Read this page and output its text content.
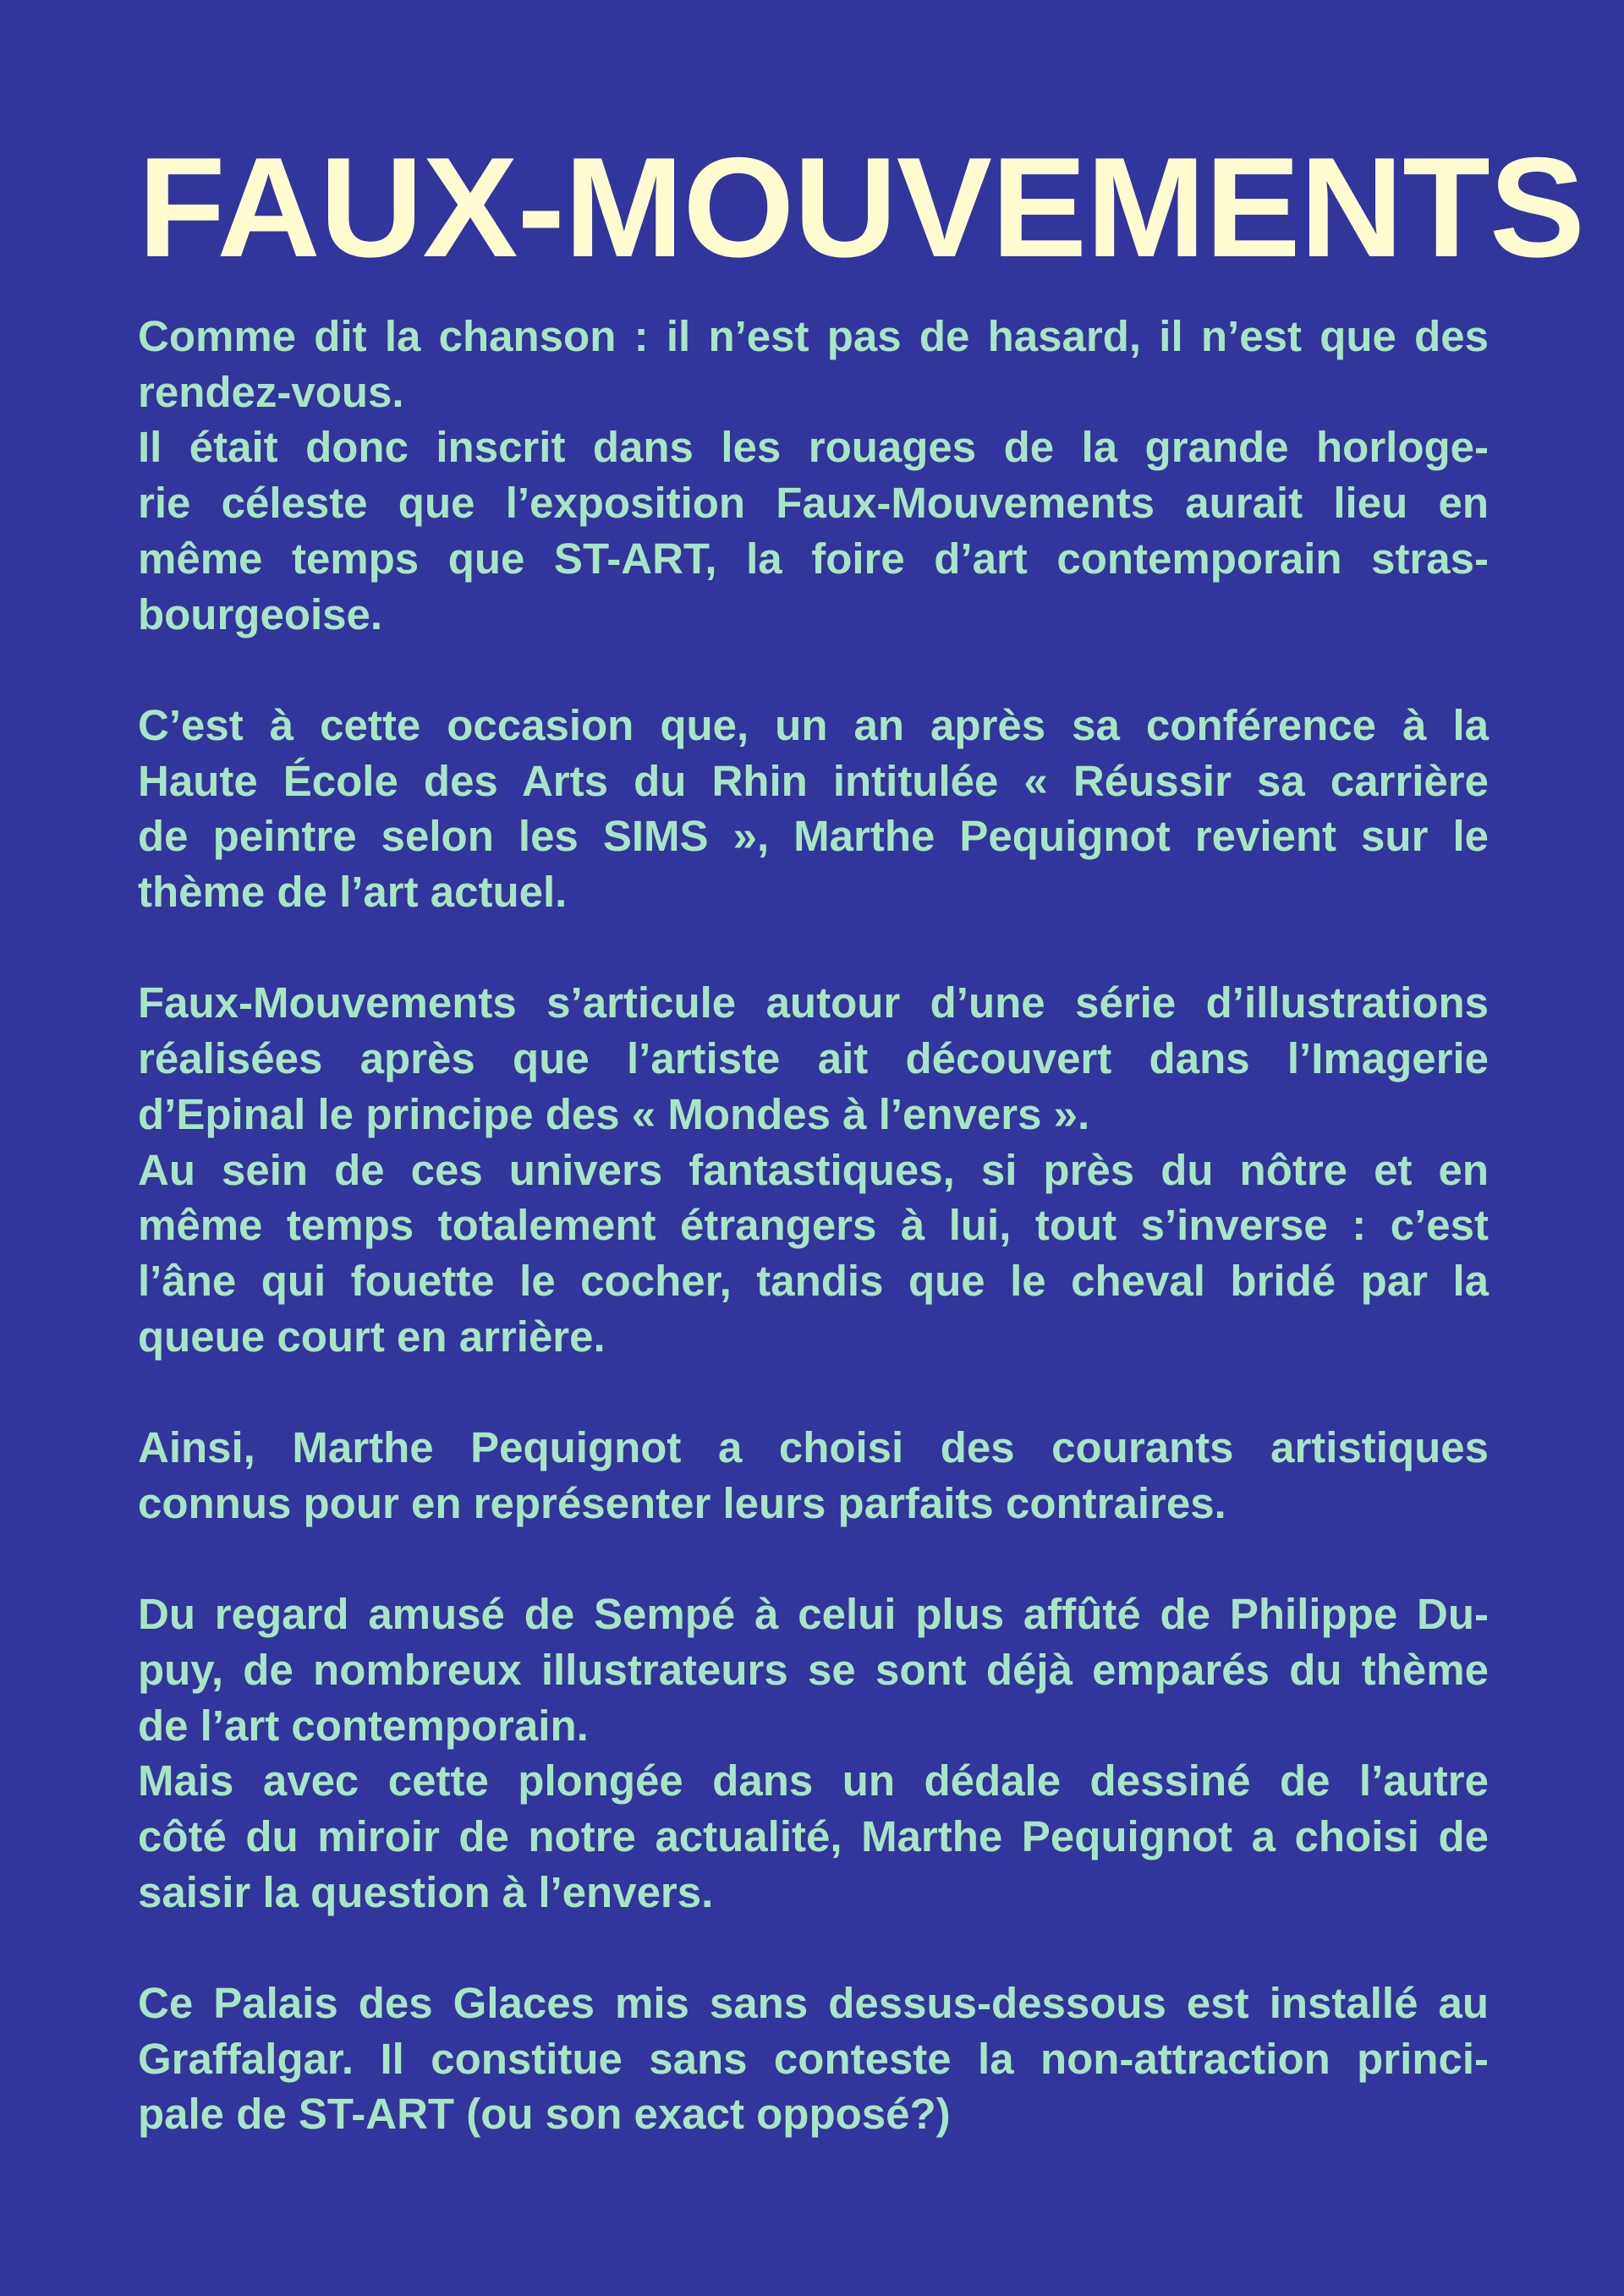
FAUX-MOUVEMENTS

Comme dit la chanson : il n’est pas de hasard, il n’est que des
rendez-vous.
Il était donc inscrit dans les rouages de la grande horloge-
rie céleste que l’exposition Faux-Mouvements aurait lieu en
même temps que ST-ART, la foire d’art contemporain stras-
bourgeoise.

C’est à cette occasion que, un an après sa conférence à la
Haute École des Arts du Rhin intitulée « Réussir sa carrière
de peintre selon les SIMS », Marthe Pequignot revient sur le
thème de l’art actuel.

Faux-Mouvements s’articule autour d’une série d’illustrations
réalisées après que l’artiste ait découvert dans l’Imagerie
d’Epinal le principe des « Mondes à l’envers ».
Au sein de ces univers fantastiques, si près du nôtre et en
même temps totalement étrangers à lui, tout s’inverse : c’est
l’âne qui fouette le cocher, tandis que le cheval bridé par la
queue court en arrière.

Ainsi, Marthe Pequignot a choisi des courants artistiques
connus pour en représenter leurs parfaits contraires.

Du regard amusé de Sempé à celui plus affûté de Philippe Du-
puy, de nombreux illustrateurs se sont déjà emparés du thème
de l’art contemporain.
Mais avec cette plongée dans un dédale dessiné de l’autre
côté du miroir de notre actualité, Marthe Pequignot a choisi de
saisir la question à l’envers.

Ce Palais des Glaces mis sans dessus-dessous est installé au
Graffalgar. Il constitue sans conteste la non-attraction princi-
pale de ST-ART (ou son exact opposé?)
